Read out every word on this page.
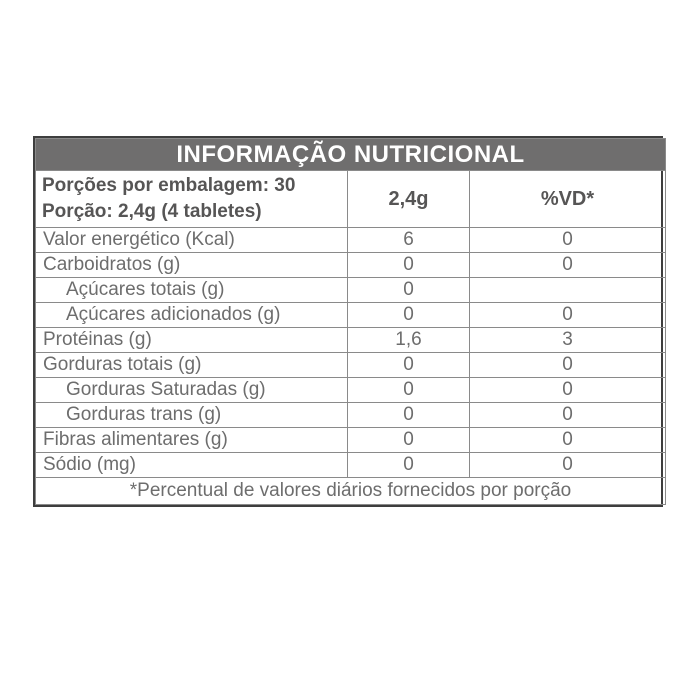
INFORMAÇÃO NUTRICIONAL		

Porções por embalagem: 30
Porção: 2,4g (4 tabletes)	2,4g	%VD*
Valor energético (Kcal)	6	0
Carboidratos (g)	0	0
Açúcares totais (g)	0	
Açúcares adicionados (g)	0	0
Protéinas (g)	1,6	3
Gorduras totais (g)	0	0
Gorduras Saturadas (g)	0	0
Gorduras trans (g)	0	0
Fibras alimentares (g)	0	0
Sódio (mg)	0	0
*Percentual de valores diários fornecidos por porção		
